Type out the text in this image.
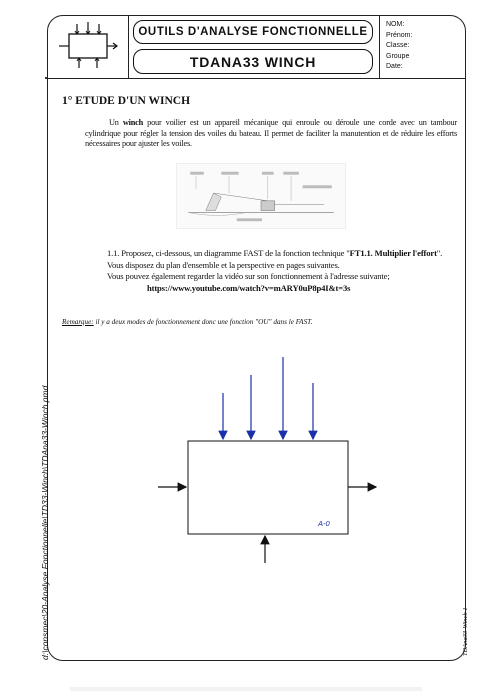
OUTILS D'ANALYSE FONCTIONNELLE
TDANA33 WINCH
NOM:
Prénom:
Classe:
Groupe
Date:
1° ETUDE D'UN WINCH
Un winch pour voilier est un appareil mécanique qui enroule ou déroule une corde avec un tambour cylindrique pour régler la tension des voiles du bateau. Il permet de faciliter la manutention et de réduire les efforts nécessaires pour ajuster les voiles.

1.1. Proposez, ci-dessous, un diagramme FAST de la fonction technique "FT1.1. Multiplier l'effort".

Vous disposez du plan d'ensemble et la perspective en pages suivantes.

Vous pouvez également regarder la vidéo sur son fonctionnement à l'adresse suivante;

https://www.youtube.com/watch?v=mARY0uP8p4I&t=3s

Remarque: il y a deux modes de fonctionnement donc une fonction "OU" dans le FAST.
A-0
d:\consmec\20-Analyse Fonctionnelle\TD33-Winch\TDAna33-Winch.pmd	TDAna33-Winch 1
